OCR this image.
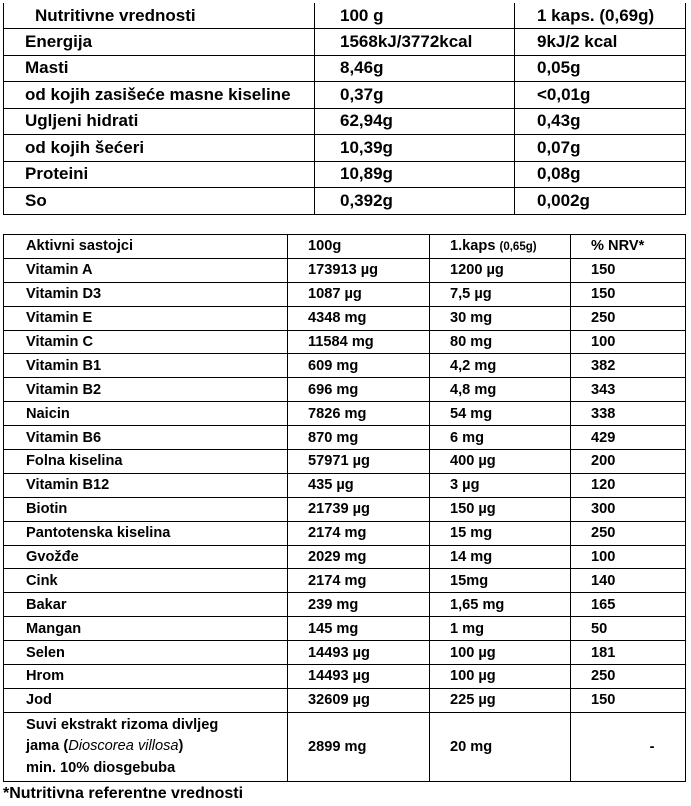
Nutritivne vrednosti	100 g	1 kaps. (0,69g)
Energija	1568kJ/3772kcal	9kJ/2 kcal
Masti	8,46g	0,05g
od kojih zasišeće masne kiseline	0,37g	<0,01g
Ugljeni hidrati	62,94g	0,43g
od kojih šećeri	10,39g	0,07g
Proteini	10,89g	0,08g
So	0,392g	0,002g
Aktivni sastojci	100g	1.kaps (0,65g)	% NRV*
Vitamin A	173913 µg	1200 µg	150
Vitamin D3	1087 µg	7,5 µg	150
Vitamin E	4348 mg	30 mg	250
Vitamin C	11584 mg	80 mg	100
Vitamin B1	609 mg	4,2 mg	382
Vitamin B2	696 mg	4,8 mg	343
Naicin	7826 mg	54 mg	338
Vitamin B6	870 mg	6 mg	429
Folna kiselina	57971 µg	400 µg	200
Vitamin B12	435 µg	3 µg	120
Biotin	21739 µg	150 µg	300
Pantotenska kiselina	2174 mg	15 mg	250
Gvožđe	2029 mg	14 mg	100
Cink	2174 mg	15mg	140
Bakar	239 mg	1,65 mg	165
Mangan	145 mg	1 mg	50
Selen	14493 µg	100 µg	181
Hrom	14493 µg	100 µg	250
Jod	32609 µg	225 µg	150

Suvi ekstrakt rizoma divljeg
jama (Dioscorea villosa)
min. 10% diosgebuba	2899 mg	20 mg	-
*Nutritivna referentne vrednosti
